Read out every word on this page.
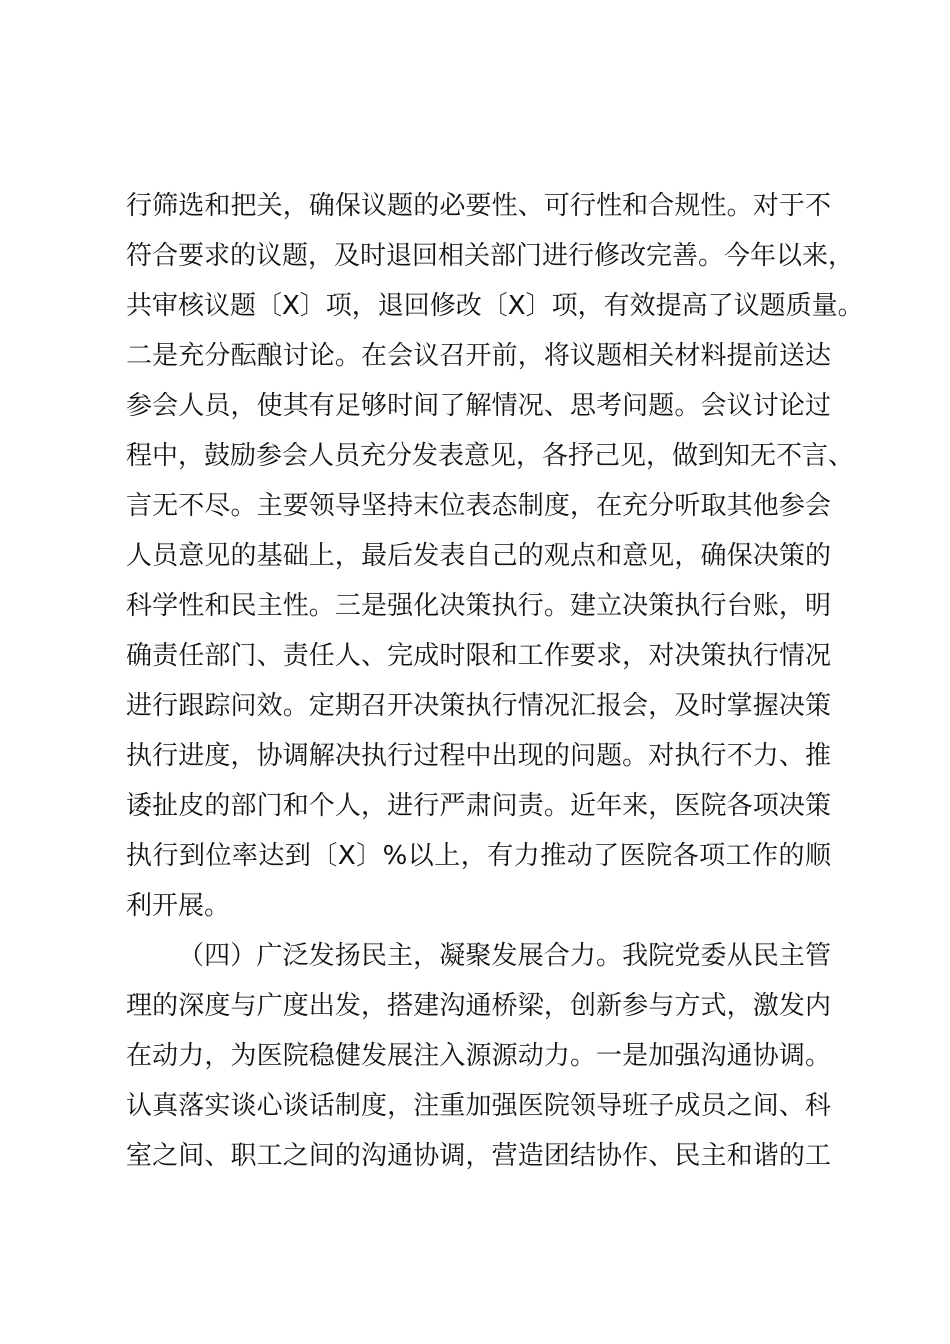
行筛选和把关，确保议题的必要性、可行性和合规性。对于不
符合要求的议题，及时退回相关部门进行修改完善。今年以来，
共审核议题〔X〕项，退回修改〔X〕项，有效提高了议题质量。
二是充分酝酿讨论。在会议召开前，将议题相关材料提前送达
参会人员，使其有足够时间了解情况、思考问题。会议讨论过
程中，鼓励参会人员充分发表意见，各抒己见，做到知无不言、
言无不尽。主要领导坚持末位表态制度，在充分听取其他参会
人员意见的基础上，最后发表自己的观点和意见，确保决策的
科学性和民主性。三是强化决策执行。建立决策执行台账，明
确责任部门、责任人、完成时限和工作要求，对决策执行情况
进行跟踪问效。定期召开决策执行情况汇报会，及时掌握决策
执行进度，协调解决执行过程中出现的问题。对执行不力、推
诿扯皮的部门和个人，进行严肃问责。近年来，医院各项决策
执行到位率达到〔X〕%以上，有力推动了医院各项工作的顺
利开展。
（四）广泛发扬民主，凝聚发展合力。我院党委从民主管
理的深度与广度出发，搭建沟通桥梁，创新参与方式，激发内
在动力，为医院稳健发展注入源源动力。一是加强沟通协调。
认真落实谈心谈话制度，注重加强医院领导班子成员之间、科
室之间、职工之间的沟通协调，营造团结协作、民主和谐的工
